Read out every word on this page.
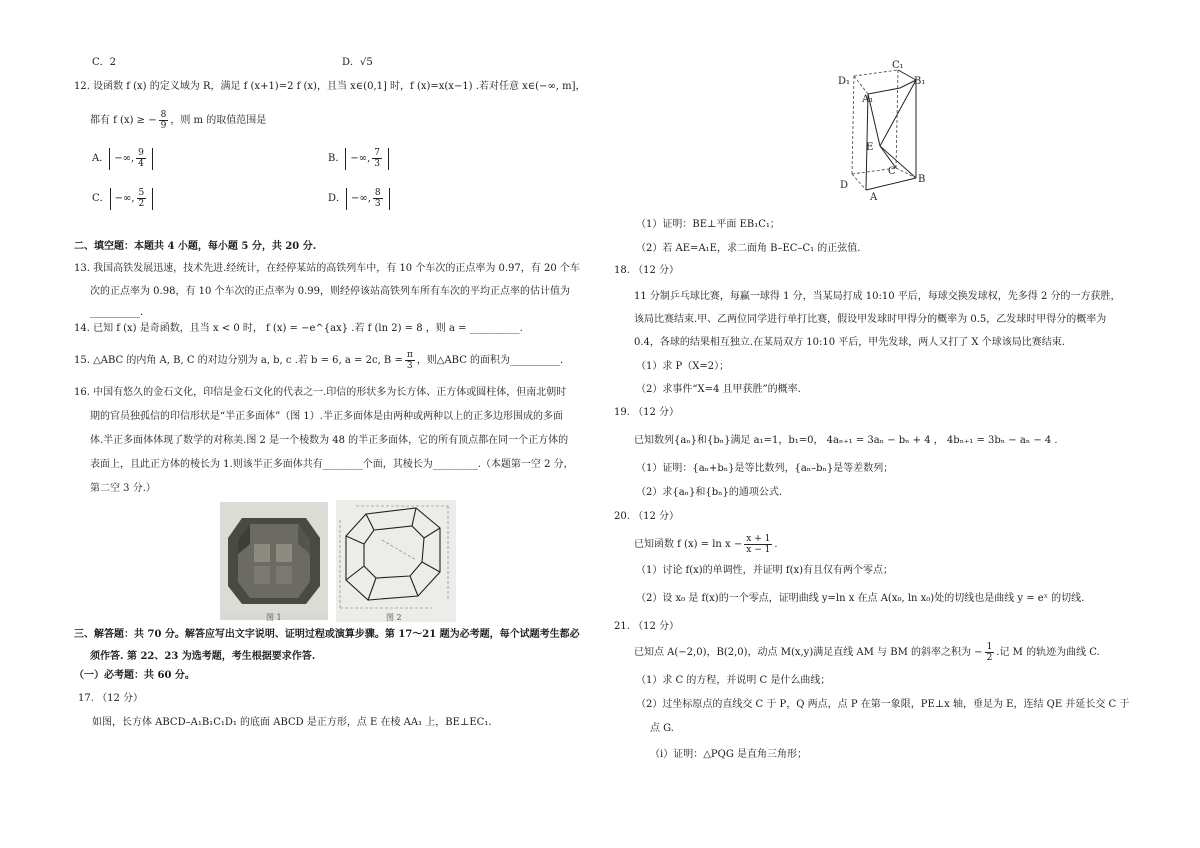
C．2	D．√5
12. 设函数 f (x) 的定义域为 R，满足 f (x+1)=2 f (x)，且当 x∈(0,1] 时，f (x)=x(x−1) .若对任意 x∈(−∞, m]，
都有 f (x) ≥ − $\frac{8}{9}$ ，则 m 的取值范围是
A． −∞, $\frac{9}{4}$	B． −∞, $\frac{7}{3}$
C． −∞, $\frac{5}{2}$	D． −∞, $\frac{8}{3}$
二、填空题：本题共 4 小题，每小题 5 分，共 20 分.
13. 我国高铁发展迅速，技术先进.经统计，在经停某站的高铁列车中，有 10 个车次的正点率为 0.97，有 20 个车
次的正点率为 0.98，有 10 个车次的正点率为 0.99，则经停该站高铁列车所有车次的平均正点率的估计值为
__________.
14. 已知 f (x) 是奇函数，且当 x < 0 时， f (x) = −e^{ax} .若 f (ln 2) = 8 ，则 a = __________.
15. △ABC 的内角 A, B, C 的对边分别为 a, b, c .若 b = 6, a = 2c, $B = \frac{\pi}{3}$ ，则△ABC 的面积为__________.
16. 中国有悠久的金石文化，印信是金石文化的代表之一.印信的形状多为长方体、正方体或圆柱体，但南北朝时
期的官员独孤信的印信形状是“半正多面体”（图 1）.半正多面体是由两种或两种以上的正多边形围成的多面
体.半正多面体体现了数学的对称美.图 2 是一个棱数为 48 的半正多面体，它的所有顶点都在同一个正方体的
表面上，且此正方体的棱长为 1.则该半正多面体共有________个面，其棱长为_________.（本题第一空 2 分，
第二空 3 分.）
图 1	图 2
三、解答题：共 70 分。解答应写出文字说明、证明过程或演算步骤。第 17～21 题为必考题，每个试题考生都必
须作答. 第 22、23 为选考题，考生根据要求作答.
（一）必考题：共 60 分。
17. （12 分）
如图，长方体 ABCD–A₁B₁C₁D₁ 的底面 ABCD 是正方形，点 E 在棱 AA₁ 上，BE⊥EC₁.
C₁
D₁	B₁
A₁
E
C
B
D
A
（1）证明：BE⊥平面 EB₁C₁；
（2）若 AE=A₁E，求二面角 B–EC–C₁ 的正弦值.
18. （12 分）
11 分制乒乓球比赛，每赢一球得 1 分，当某局打成 10:10 平后，每球交换发球权，先多得 2 分的一方获胜，
该局比赛结束.甲、乙两位同学进行单打比赛，假设甲发球时甲得分的概率为 0.5，乙发球时甲得分的概率为
0.4，各球的结果相互独立.在某局双方 10:10 平后，甲先发球，两人又打了 X 个球该局比赛结束.
（1）求 P（X=2）；
（2）求事件“X=4 且甲获胜”的概率.
19. （12 分）
已知数列{aₙ}和{bₙ}满足 a₁=1，b₁=0， 4aₙ₊₁ = 3aₙ − bₙ + 4 ， 4bₙ₊₁ = 3bₙ − aₙ − 4 .
（1）证明：{aₙ+bₙ}是等比数列，{aₙ–bₙ}是等差数列；
（2）求{aₙ}和{bₙ}的通项公式.
20. （12 分）
已知函数 f $(x) = \ln x - \frac{x + 1}{x - 1}$ .
（1）讨论 f(x)的单调性，并证明 f(x)有且仅有两个零点；
（2）设 x₀ 是 f(x)的一个零点，证明曲线 y=ln x 在点 A(x₀, ln x₀)处的切线也是曲线 y = eˣ 的切线.
21. （12 分）
已知点 A(−2,0)，B(2,0)，动点 M(x,y)满足直线 AM 与 BM 的斜率之积为 − $\frac{1}{2}$ .记 M 的轨迹为曲线 C.
（1）求 C 的方程，并说明 C 是什么曲线；
（2）过坐标原点的直线交 C 于 P，Q 两点，点 P 在第一象限，PE⊥x 轴，垂足为 E，连结 QE 并延长交 C 于
点 G.
（i）证明：△PQG 是直角三角形；
